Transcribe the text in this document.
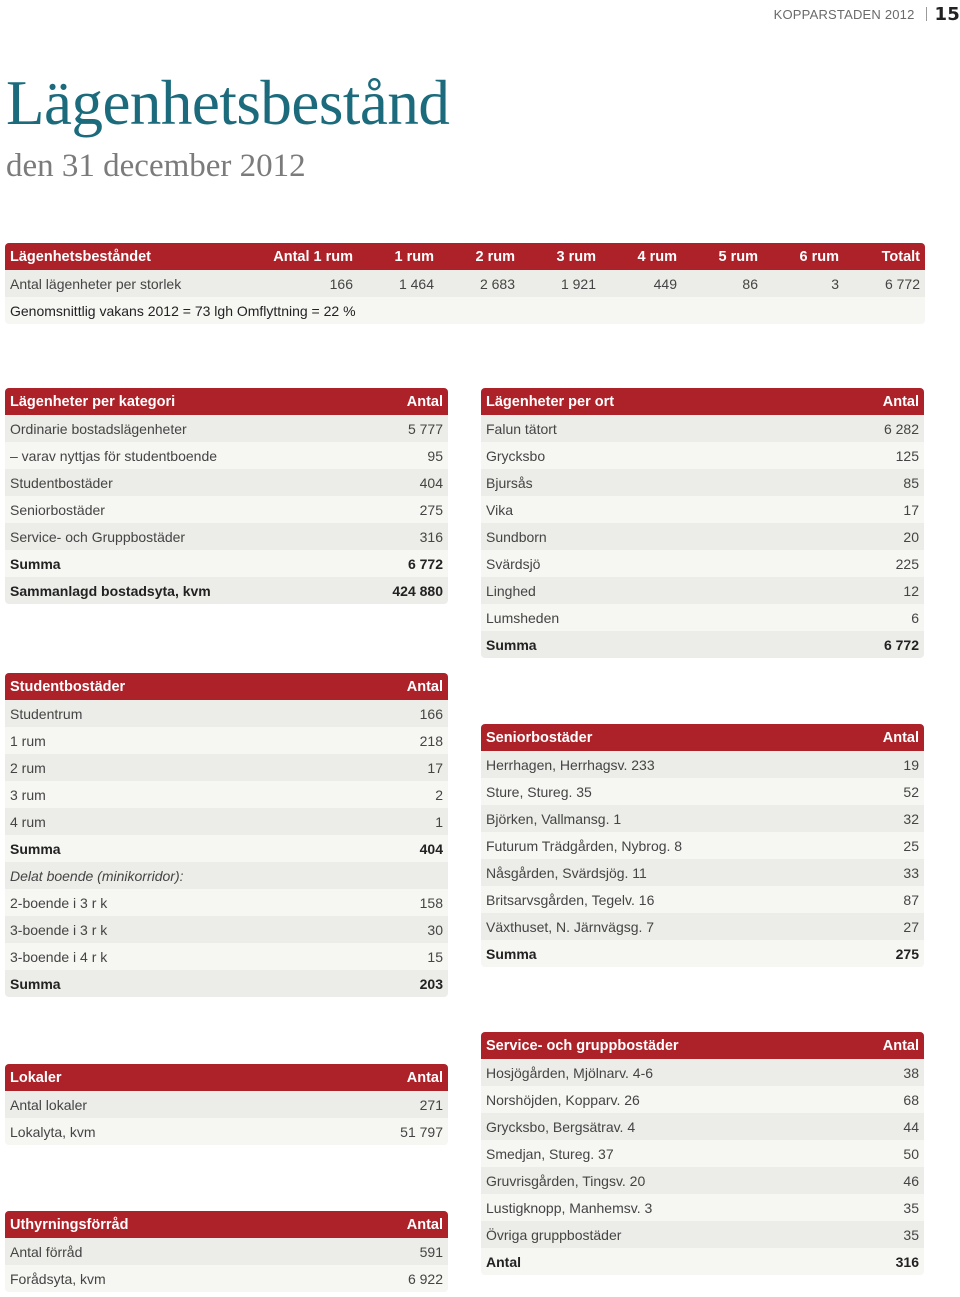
KOPPARSTADEN 2012 15
Lägenhetsbestånd
den 31 december 2012
Lägenhetsbeståndet	Antal 1 rum	1 rum	2 rum	3 rum	4 rum	5 rum	6 rum	Totalt
Antal lägenheter per storlek	166	1 464	2 683	1 921	449	86	3	6 772
Genomsnittlig vakans 2012 = 73 lgh Omflyttning = 22 %
Lägenheter per kategori	Antal
Ordinarie bostadslägenheter	5 777
– varav nyttjas för studentboende	95
Studentbostäder	404
Seniorbostäder	275
Service- och Gruppbostäder	316
Summa	6 772
Sammanlagd bostadsyta, kvm	424 880
Lägenheter per ort	Antal
Falun tätort	6 282
Grycksbo	125
Bjursås	85
Vika	17
Sundborn	20
Svärdsjö	225
Linghed	12
Lumsheden	6
Summa	6 772
Studentbostäder	Antal
Studentrum	166
1 rum	218
2 rum	17
3 rum	2
4 rum	1
Summa	404
Delat boende (minikorridor):
2-boende i 3 r k	158
3-boende i 3 r k	30
3-boende i 4 r k	15
Summa	203
Seniorbostäder	Antal
Herrhagen, Herrhagsv. 233	19
Sture, Stureg. 35	52
Björken, Vallmansg. 1	32
Futurum Trädgården, Nybrog. 8	25
Nåsgården, Svärdsjög. 11	33
Britsarvsgården, Tegelv. 16	87
Växthuset, N. Järnvägsg. 7	27
Summa	275
Lokaler	Antal
Antal lokaler	271
Lokalyta, kvm	51 797
Uthyrningsförråd	Antal
Antal förråd	591
Forådsyta, kvm	6 922
Service- och gruppbostäder	Antal
Hosjögården, Mjölnarv. 4-6	38
Norshöjden, Kopparv. 26	68
Grycksbo, Bergsätrav. 4	44
Smedjan, Stureg. 37	50
Gruvrisgården, Tingsv. 20	46
Lustigknopp, Manhemsv. 3	35
Övriga gruppbostäder	35
Antal	316
